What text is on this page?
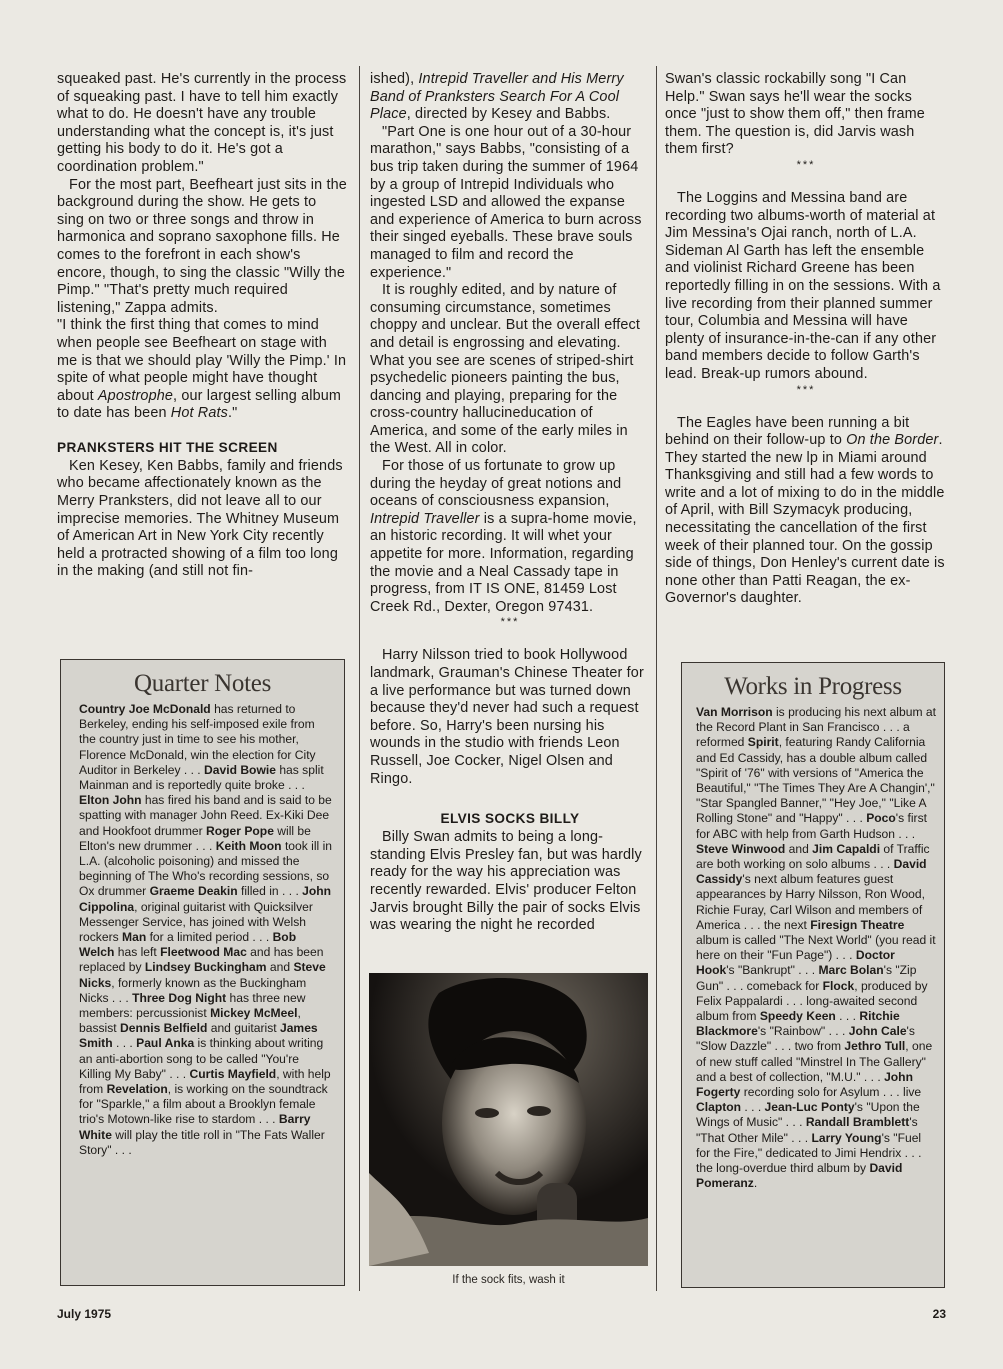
squeaked past. He's currently in the process of squeaking past. I have to tell him exactly what to do. He doesn't have any trouble understanding what the concept is, it's just getting his body to do it. He's got a coordination problem."

For the most part, Beefheart just sits in the background during the show. He gets to sing on two or three songs and throw in harmonica and soprano saxophone fills. He comes to the forefront in each show's encore, though, to sing the classic "Willy the Pimp." "That's pretty much required listening," Zappa admits.

"I think the first thing that comes to mind when people see Beefheart on stage with me is that we should play 'Willy the Pimp.' In spite of what people might have thought about Apostrophe, our largest selling album to date has been Hot Rats."

PRANKSTERS HIT THE SCREEN

Ken Kesey, Ken Babbs, family and friends who became affectionately known as the Merry Pranksters, did not leave all to our imprecise memories. The Whitney Museum of American Art in New York City recently held a protracted showing of a film too long in the making (and still not fin-

ished), Intrepid Traveller and His Merry Band of Pranksters Search For A Cool Place, directed by Kesey and Babbs.

"Part One is one hour out of a 30-hour marathon," says Babbs, "consisting of a bus trip taken during the summer of 1964 by a group of Intrepid Individuals who ingested LSD and allowed the expanse and experience of America to burn across their singed eyeballs. These brave souls managed to film and record the experience."

It is roughly edited, and by nature of consuming circumstance, sometimes choppy and unclear. But the overall effect and detail is engrossing and elevating. What you see are scenes of striped-shirt psychedelic pioneers painting the bus, dancing and playing, preparing for the cross-country hallucineducation of America, and some of the early miles in the West. All in color.

For those of us fortunate to grow up during the heyday of great notions and oceans of consciousness expansion, Intrepid Traveller is a supra-home movie, an historic recording. It will whet your appetite for more. Information, regarding the movie and a Neal Cassady tape in progress, from IT IS ONE, 81459 Lost Creek Rd., Dexter, Oregon 97431.

***

Harry Nilsson tried to book Hollywood landmark, Grauman's Chinese Theater for a live performance but was turned down because they'd never had such a request before. So, Harry's been nursing his wounds in the studio with friends Leon Russell, Joe Cocker, Nigel Olsen and Ringo.

ELVIS SOCKS BILLY

Billy Swan admits to being a long-standing Elvis Presley fan, but was hardly ready for the way his appreciation was recently rewarded. Elvis' producer Felton Jarvis brought Billy the pair of socks Elvis was wearing the night he recorded

Swan's classic rockabilly song "I Can Help." Swan says he'll wear the socks once "just to show them off," then frame them. The question is, did Jarvis wash them first?

***

The Loggins and Messina band are recording two albums-worth of material at Jim Messina's Ojai ranch, north of L.A. Sideman Al Garth has left the ensemble and violinist Richard Greene has been reportedly filling in on the sessions. With a live recording from their planned summer tour, Columbia and Messina will have plenty of insurance-in-the-can if any other band members decide to follow Garth's lead. Break-up rumors abound.

***

The Eagles have been running a bit behind on their follow-up to On the Border. They started the new lp in Miami around Thanksgiving and still had a few words to write and a lot of mixing to do in the middle of April, with Bill Szymacyk producing, necessitating the cancellation of the first week of their planned tour. On the gossip side of things, Don Henley's current date is none other than Patti Reagan, the ex-Governor's daughter.

Quarter Notes
Country Joe McDonald has returned to Berkeley, ending his self-imposed exile from the country just in time to see his mother, Florence McDonald, win the election for City Auditor in Berkeley . . . David Bowie has split Mainman and is reportedly quite broke . . . Elton John has fired his band and is said to be spatting with manager John Reed. Ex-Kiki Dee and Hookfoot drummer Roger Pope will be Elton's new drummer . . . Keith Moon took ill in L.A. (alcoholic poisoning) and missed the beginning of The Who's recording sessions, so Ox drummer Graeme Deakin filled in . . . John Cippolina, original guitarist with Quicksilver Messenger Service, has joined with Welsh rockers Man for a limited period . . . Bob Welch has left Fleetwood Mac and has been replaced by Lindsey Buckingham and Steve Nicks, formerly known as the Buckingham Nicks . . . Three Dog Night has three new members: percussionist Mickey McMeel, bassist Dennis Belfield and guitarist James Smith . . . Paul Anka is thinking about writing an anti-abortion song to be called "You're Killing My Baby" . . . Curtis Mayfield, with help from Revelation, is working on the soundtrack for "Sparkle," a film about a Brooklyn female trio's Motown-like rise to stardom . . . Barry White will play the title roll in "The Fats Waller Story" . . .
Works in Progress
Van Morrison is producing his next album at the Record Plant in San Francisco . . . a reformed Spirit, featuring Randy California and Ed Cassidy, has a double album called "Spirit of '76" with versions of "America the Beautiful," "The Times They Are A Changin'," "Star Spangled Banner," "Hey Joe," "Like A Rolling Stone" and "Happy" . . . Poco's first for ABC with help from Garth Hudson . . . Steve Winwood and Jim Capaldi of Traffic are both working on solo albums . . . David Cassidy's next album features guest appearances by Harry Nilsson, Ron Wood, Richie Furay, Carl Wilson and members of America . . . the next Firesign Theatre album is called "The Next World" (you read it here on their "Fun Page") . . . Doctor Hook's "Bankrupt" . . . Marc Bolan's "Zip Gun" . . . comeback for Flock, produced by Felix Pappalardi . . . long-awaited second album from Speedy Keen . . . Ritchie Blackmore's "Rainbow" . . . John Cale's "Slow Dazzle" . . . two from Jethro Tull, one of new stuff called "Minstrel In The Gallery" and a best of collection, "M.U." . . . John Fogerty recording solo for Asylum . . . live Clapton . . . Jean-Luc Ponty's "Upon the Wings of Music" . . . Randall Bramblett's "That Other Mile" . . . Larry Young's "Fuel for the Fire," dedicated to Jimi Hendrix . . . the long-overdue third album by David Pomeranz.
If the sock fits, wash it
July 1975	23
